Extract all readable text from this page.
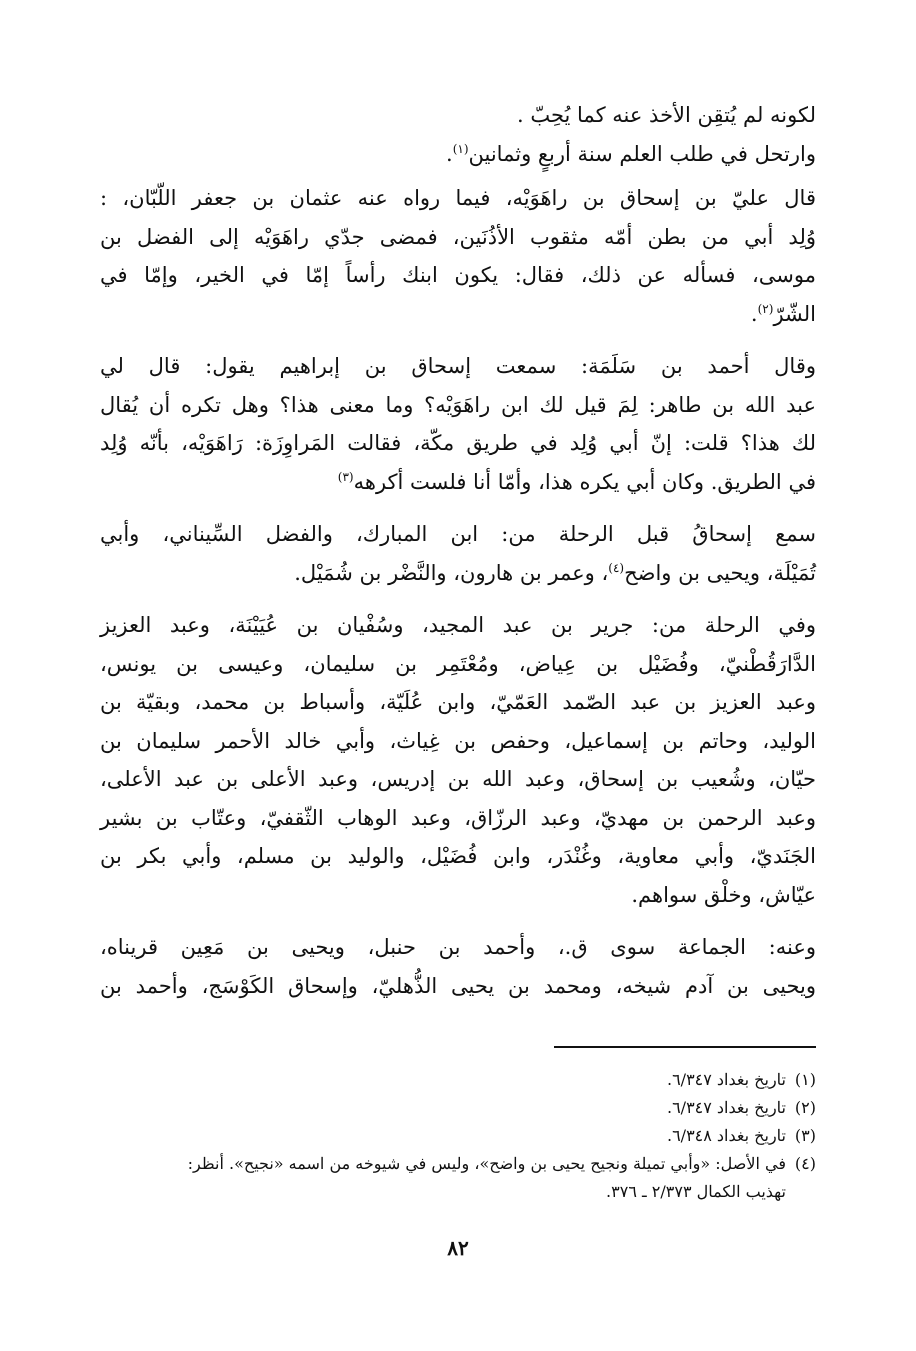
لكونه لم يُتقِن الأخذ عنه كما يُحِبّ .
وارتحل في طلب العلم سنة أربعٍ وثمانين$^{(١)}$.
قال عليّ بن إسحاق بن راهَوَيْه، فيما رواه عنه عثمان بن جعفر اللّبّان، :
وُلِد أبي من بطن أمّه مثقوب الأذُنَين، فمضى جدّي راهَوَيْه إلى الفضل بن
موسى، فسأله عن ذلك، فقال: يكون ابنك رأساً إمّا في الخير، وإمّا في
الشّرّ$^{(٢)}$.
وقال أحمد بن سَلَمَة: سمعت إسحاق بن إبراهيم يقول: قال لي
عبد الله بن طاهر: لِمَ قيل لك ابن راهَوَيْه؟ وما معنى هذا؟ وهل تكره أن يُقال
لك هذا؟ قلت: إنّ أبي وُلِد في طريق مكّة، فقالت المَراوِزَة: رَاهَوَيْه، بأنّه وُلِد
في الطريق. وكان أبي يكره هذا، وأمّا أنا فلست أكرهه$^{(٣)}$
سمع إسحاقُ قبل الرحلة من: ابن المبارك، والفضل السِّيناني، وأبي
تُمَيْلَة، ويحيى بن واضح$^{(٤)}$، وعمر بن هارون، والنَّضْر بن شُمَيْل.
وفي الرحلة من: جرير بن عبد المجيد، وسُفْيان بن عُيَيْنَة، وعبد العزيز
الدَّارَقُطْنيّ، وفُضَيْل بن عِياض، ومُعْتَمِر بن سليمان، وعيسى بن يونس،
وعبد العزيز بن عبد الصّمد العَمّيّ، وابن عُلَيّة، وأسباط بن محمد، وبقيّة بن
الوليد، وحاتم بن إسماعيل، وحفص بن غِياث، وأبي خالد الأحمر سليمان بن
حيّان، وشُعيب بن إسحاق، وعبد الله بن إدريس، وعبد الأعلى بن عبد الأعلى،
وعبد الرحمن بن مهديّ، وعبد الرزّاق، وعبد الوهاب الثّقفيّ، وعتّاب بن بشير
الجَنَديّ، وأبي معاوية، وغُنْدَر، وابن فُضَيْل، والوليد بن مسلم، وأبي بكر بن
عيّاش، وخلْق سواهم.
وعنه: الجماعة سوى ق.، وأحمد بن حنبل، ويحيى بن مَعِين قريناه،
ويحيى بن آدم شيخه، ومحمد بن يحيى الذُّهليّ، وإسحاق الكَوْسَج، وأحمد بن
(١)
تاريخ بغداد ٦/٣٤٧.
(٢)
تاريخ بغداد ٦/٣٤٧.
(٣)
تاريخ بغداد ٦/٣٤٨.
(٤)
في الأصل: «وأبي تميلة ونجيح يحيى بن واضح»، وليس في شيوخه من اسمه «نجيح». أنظر:
تهذيب الكمال ٢/٣٧٣ ـ ٣٧٦.
٨٢
